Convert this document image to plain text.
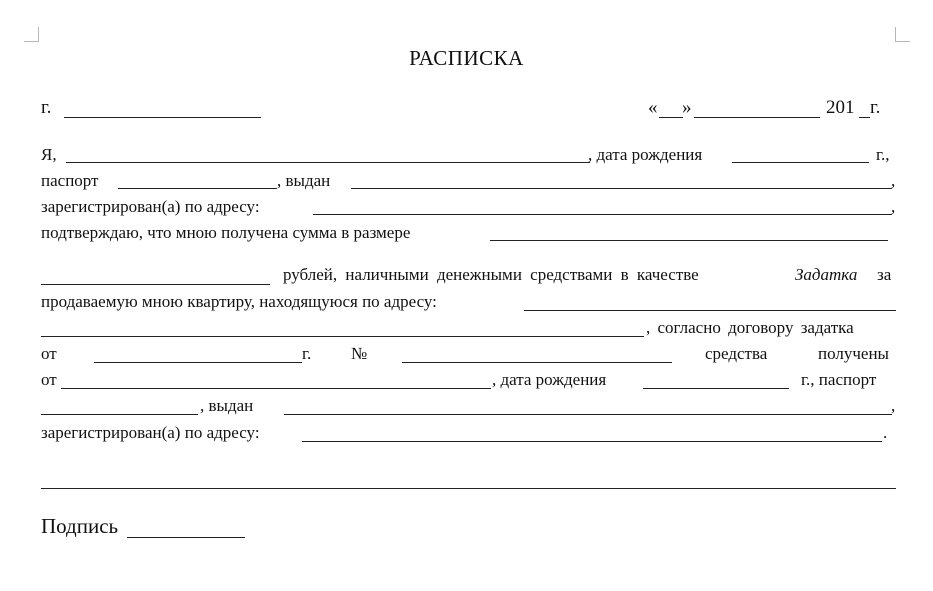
РАСПИСКА
г.	« »	201 г.
Я,	, дата рождения	г.,
паспорт	, выдан	,
зарегистрирован(а) по адресу:	,
подтверждаю, что мною получена сумма в размере
рублей, наличными денежными средствами в качестве	Задатка за
продаваемую мною квартиру, находящуюся по адресу:
, согласно договору задатка
от	г. №	средства	получены
от	, дата рождения	г., паспорт
, выдан	,
зарегистрирован(а) по адресу:	.
Подпись
